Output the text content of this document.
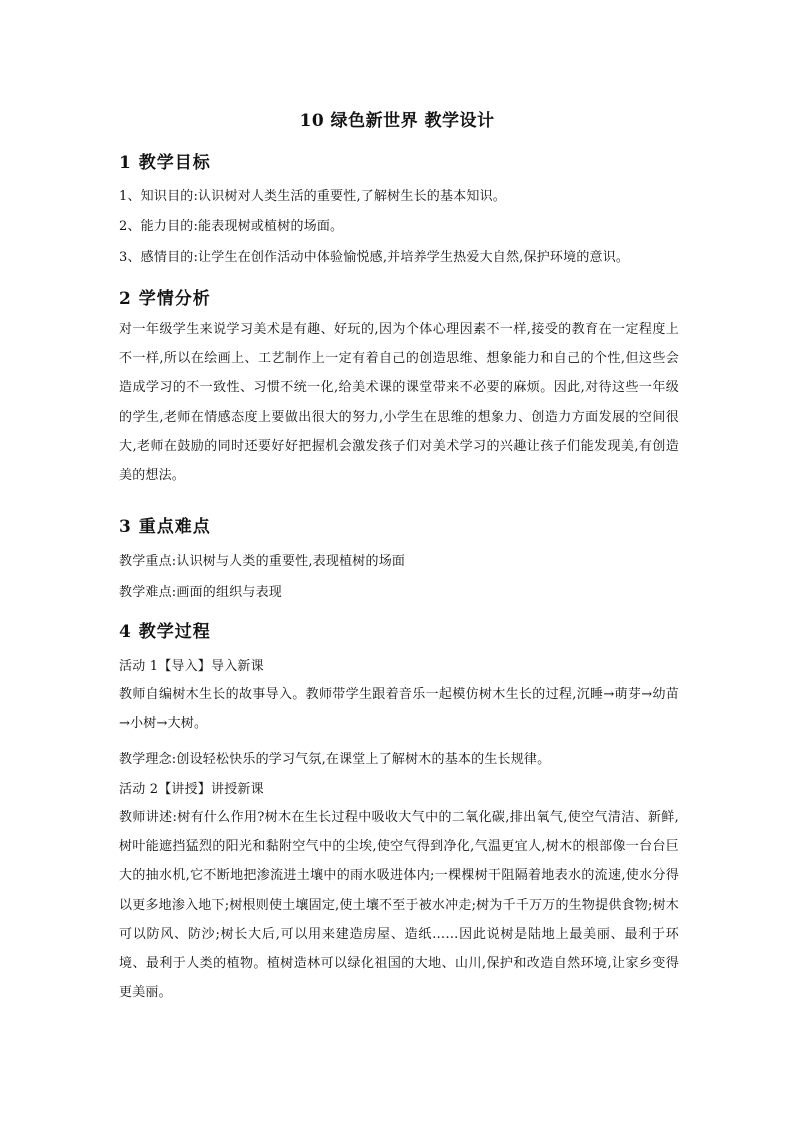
10 绿色新世界 教学设计
1 教学目标
1、知识目的:认识树对人类生活的重要性,了解树生长的基本知识。
2、能力目的:能表现树或植树的场面。
3、感情目的:让学生在创作活动中体验愉悦感,并培养学生热爱大自然,保护环境的意识。
2 学情分析
对一年级学生来说学习美术是有趣、好玩的,因为个体心理因素不一样,接受的教育在一定程度上不一样,所以在绘画上、工艺制作上一定有着自己的创造思维、想象能力和自己的个性,但这些会造成学习的不一致性、习惯不统一化,给美术课的课堂带来不必要的麻烦。因此,对待这些一年级的学生,老师在情感态度上要做出很大的努力,小学生在思维的想象力、创造力方面发展的空间很大,老师在鼓励的同时还要好好把握机会激发孩子们对美术学习的兴趣让孩子们能发现美,有创造美的想法。
3 重点难点
教学重点:认识树与人类的重要性,表现植树的场面
教学难点:画面的组织与表现
4 教学过程
活动 1【导入】导入新课
教师自编树木生长的故事导入。教师带学生跟着音乐一起模仿树木生长的过程,沉睡→萌芽→幼苗→小树→大树。
教学理念:创设轻松快乐的学习气氛,在课堂上了解树木的基本的生长规律。
活动 2【讲授】讲授新课
教师讲述:树有什么作用?树木在生长过程中吸收大气中的二氧化碳,排出氧气,使空气清洁、新鲜,树叶能遮挡猛烈的阳光和黏附空气中的尘埃,使空气得到净化,气温更宜人,树木的根部像一台台巨大的抽水机,它不断地把渗流进土壤中的雨水吸进体内;一棵棵树干阻隔着地表水的流速,使水分得以更多地渗入地下;树根则使土壤固定,使土壤不至于被水冲走;树为千千万万的生物提供食物;树木可以防风、防沙;树长大后,可以用来建造房屋、造纸……因此说树是陆地上最美丽、最利于环境、最利于人类的植物。植树造林可以绿化祖国的大地、山川,保护和改造自然环境,让家乡变得更美丽。
